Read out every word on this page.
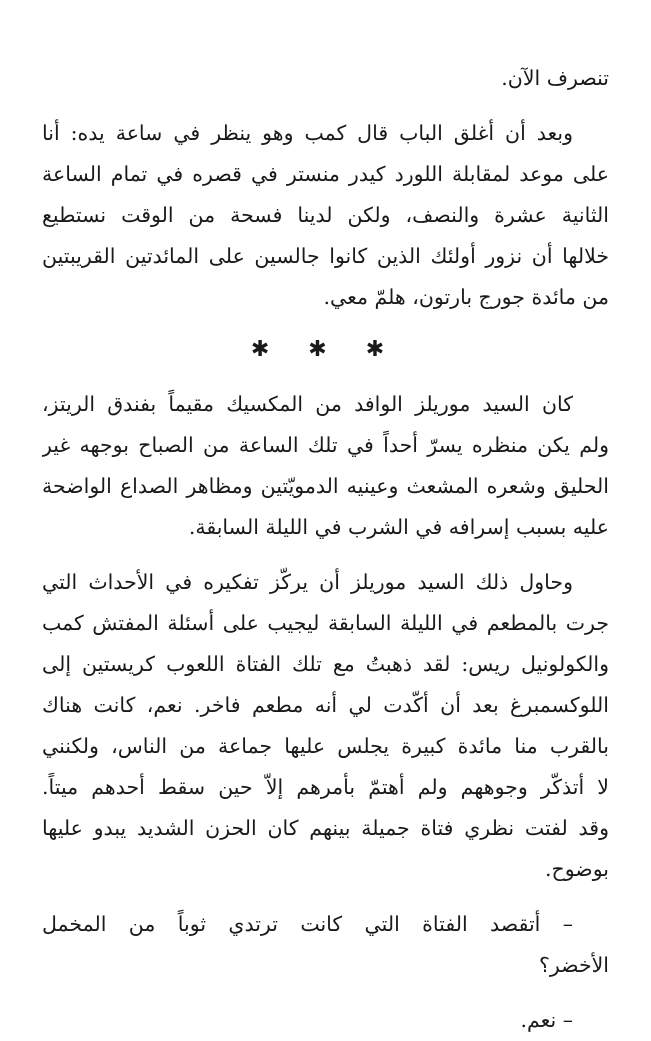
تنصرف الآن.
وبعد أن أغلق الباب قال كمب وهو ينظر في ساعة يده: أنا
على موعد لمقابلة اللورد كيدر منستر في قصره في تمام الساعة
الثانية عشرة والنصف، ولكن لدينا فسحة من الوقت نستطيع
خلالها أن نزور أولئك الذين كانوا جالسين على المائدتين القريبتين
من مائدة جورج بارتون، هلمّ معي.
✱ ✱ ✱
كان السيد موريلز الوافد من المكسيك مقيماً بفندق الريتز،
ولم يكن منظره يسرّ أحداً في تلك الساعة من الصباح بوجهه غير
الحليق وشعره المشعث وعينيه الدمويّتين ومظاهر الصداع الواضحة
عليه بسبب إسرافه في الشرب في الليلة السابقة.
وحاول ذلك السيد موريلز أن يركّز تفكيره في الأحداث التي
جرت بالمطعم في الليلة السابقة ليجيب على أسئلة المفتش كمب
والكولونيل ريس: لقد ذهبتُ مع تلك الفتاة اللعوب كريستين إلى
اللوكسمبرغ بعد أن أكّدت لي أنه مطعم فاخر. نعم، كانت هناك
بالقرب منا مائدة كبيرة يجلس عليها جماعة من الناس، ولكنني
لا أتذكّر وجوههم ولم أهتمّ بأمرهم إلاّ حين سقط أحدهم ميتاً.
وقد لفتت نظري فتاة جميلة بينهم كان الحزن الشديد يبدو عليها
بوضوح.
– أتقصد الفتاة التي كانت ترتدي ثوباً من المخمل
الأخضر؟
– نعم.
